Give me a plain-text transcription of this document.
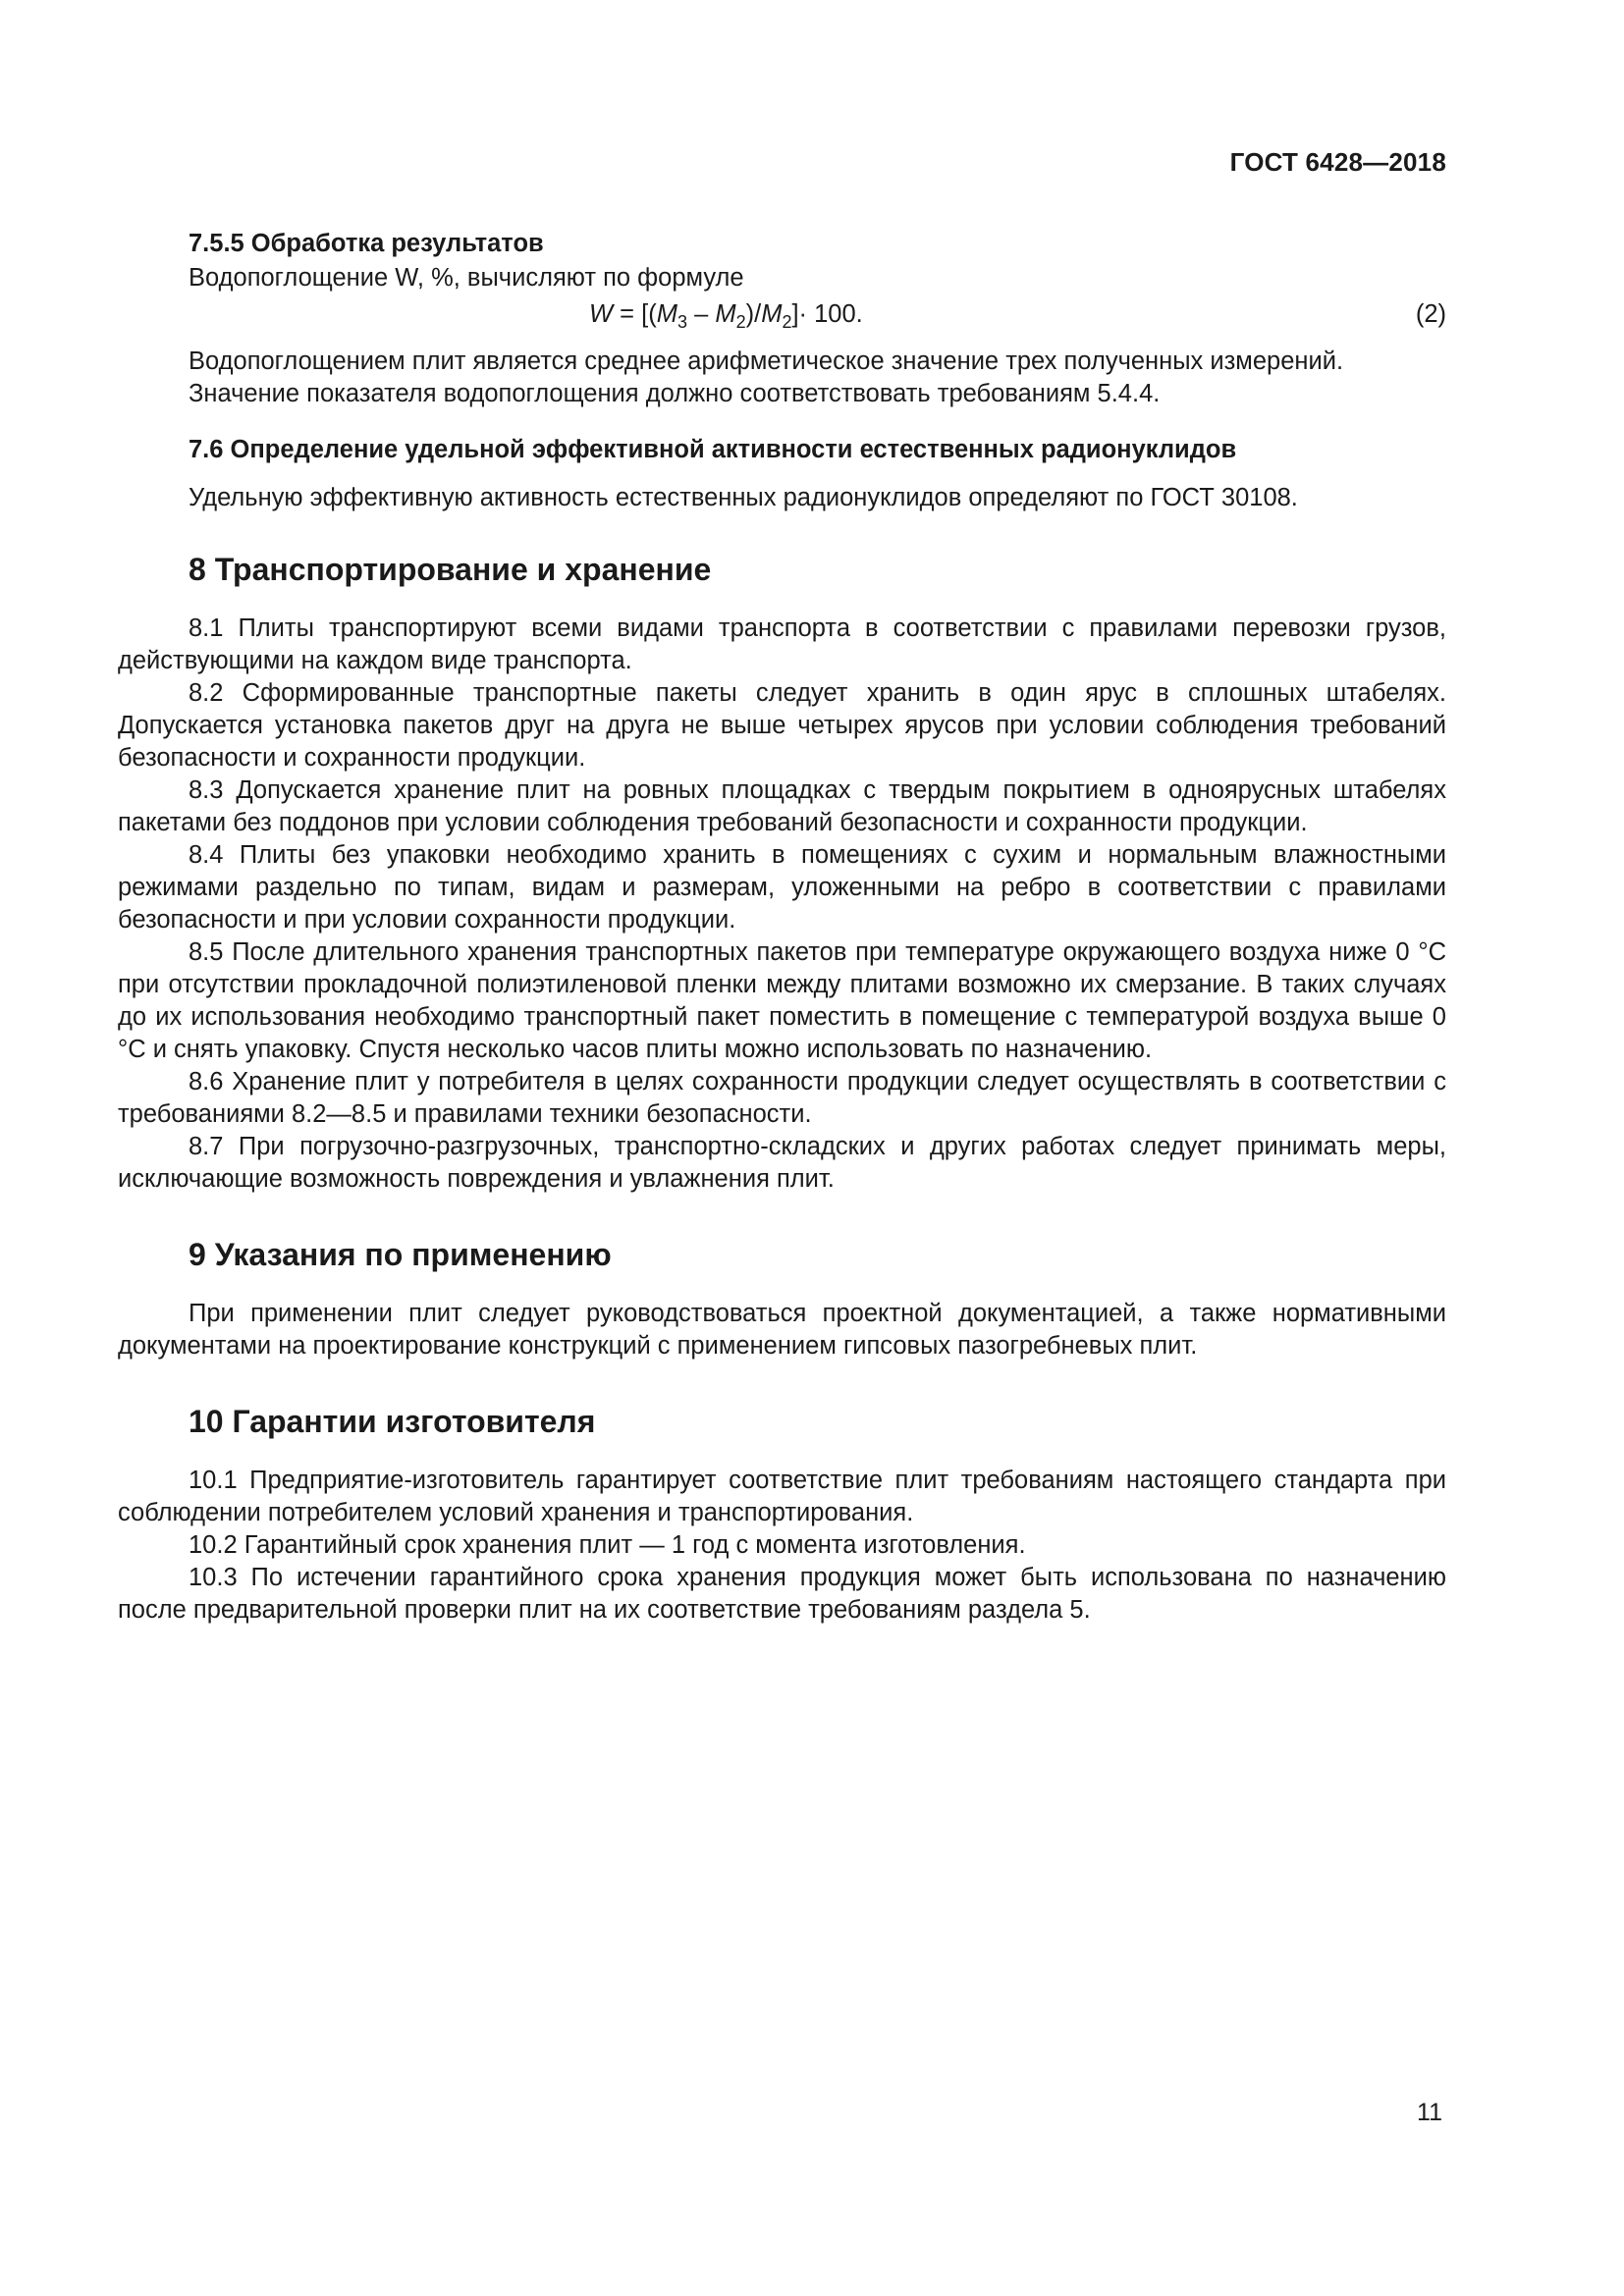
ГОСТ 6428—2018

7.5.5 Обработка результатов

Водопоглощение W, %, вычисляют по формуле

$W = [(M_3 - M_2)/M_2]\cdot 100$.	(2)

Водопоглощением плит является среднее арифметическое значение трех полученных измерений.

Значение показателя водопоглощения должно соответствовать требованиям 5.4.4.

7.6 Определение удельной эффективной активности естественных радионуклидов

Удельную эффективную активность естественных радионуклидов определяют по ГОСТ 30108.

8 Транспортирование и хранение

8.1 Плиты транспортируют всеми видами транспорта в соответствии с правилами перевозки грузов, действующими на каждом виде транспорта.

8.2 Сформированные транспортные пакеты следует хранить в один ярус в сплошных штабелях. Допускается установка пакетов друг на друга не выше четырех ярусов при условии соблюдения требований безопасности и сохранности продукции.

8.3 Допускается хранение плит на ровных площадках с твердым покрытием в одноярусных штабелях пакетами без поддонов при условии соблюдения требований безопасности и сохранности продукции.

8.4 Плиты без упаковки необходимо хранить в помещениях с сухим и нормальным влажностными режимами раздельно по типам, видам и размерам, уложенными на ребро в соответствии с правилами безопасности и при условии сохранности продукции.

8.5 После длительного хранения транспортных пакетов при температуре окружающего воздуха ниже 0 °С при отсутствии прокладочной полиэтиленовой пленки между плитами возможно их смерзание. В таких случаях до их использования необходимо транспортный пакет поместить в помещение с температурой воздуха выше 0 °С и снять упаковку. Спустя несколько часов плиты можно использовать по назначению.

8.6 Хранение плит у потребителя в целях сохранности продукции следует осуществлять в соответствии с требованиями 8.2—8.5 и правилами техники безопасности.

8.7 При погрузочно-разгрузочных, транспортно-складских и других работах следует принимать меры, исключающие возможность повреждения и увлажнения плит.

9 Указания по применению

При применении плит следует руководствоваться проектной документацией, а также нормативными документами на проектирование конструкций с применением гипсовых пазогребневых плит.

10 Гарантии изготовителя

10.1 Предприятие-изготовитель гарантирует соответствие плит требованиям настоящего стандарта при соблюдении потребителем условий хранения и транспортирования.

10.2 Гарантийный срок хранения плит — 1 год с момента изготовления.

10.3 По истечении гарантийного срока хранения продукция может быть использована по назначению после предварительной проверки плит на их соответствие требованиям раздела 5.

11
